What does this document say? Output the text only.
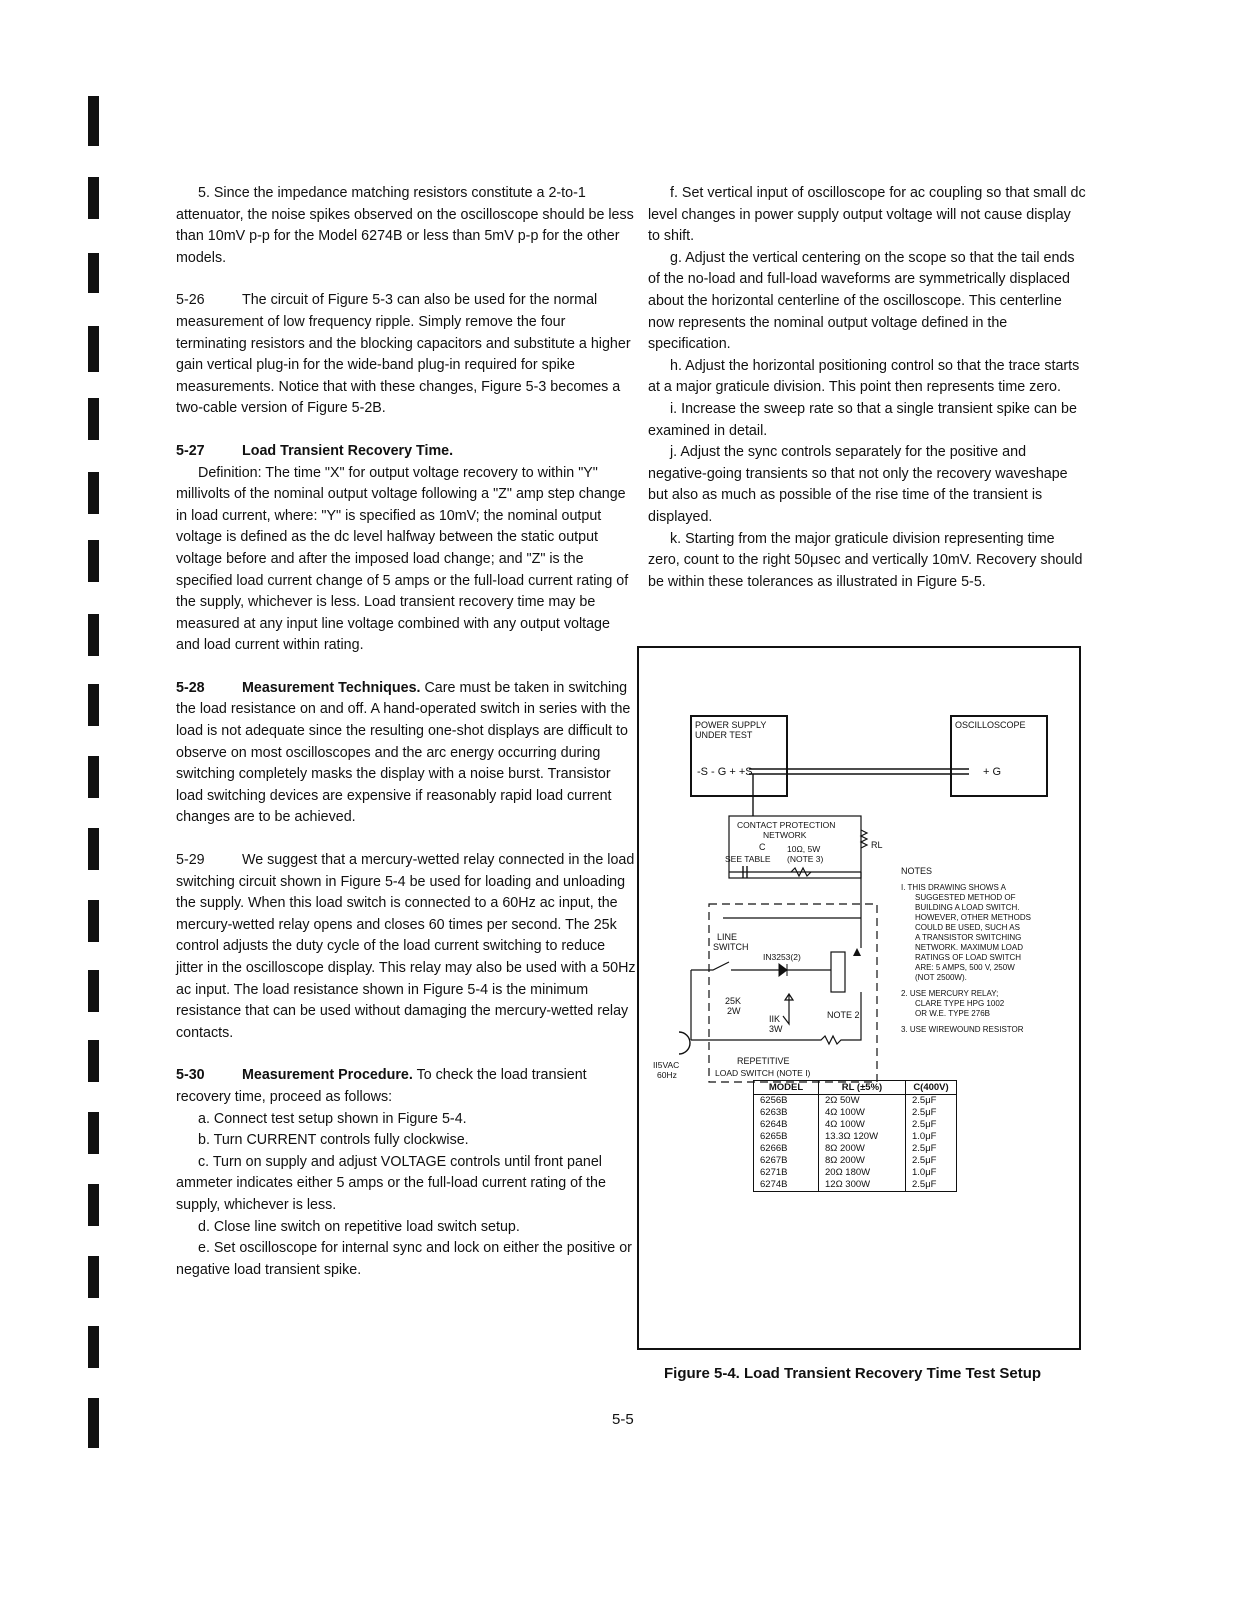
5. Since the impedance matching resistors constitute a 2-to-1 attenuator, the noise spikes observed on the oscilloscope should be less than 10mV p-p for the Model 6274B or less than 5mV p-p for the other models.

5-26	The circuit of Figure 5-3 can also be used for the normal measurement of low frequency ripple. Simply remove the four terminating resistors and the blocking capacitors and substitute a higher gain vertical plug-in for the wide-band plug-in required for spike measurements. Notice that with these changes, Figure 5-3 becomes a two-cable version of Figure 5-2B.

5-27	Load Transient Recovery Time.

Definition: The time "X" for output voltage recovery to within "Y" millivolts of the nominal output voltage following a "Z" amp step change in load current, where: "Y" is specified as 10mV; the nominal output voltage is defined as the dc level halfway between the static output voltage before and after the imposed load change; and "Z" is the specified load current change of 5 amps or the full-load current rating of the supply, whichever is less. Load transient recovery time may be measured at any input line voltage combined with any output voltage and load current within rating.

5-28	Measurement Techniques. Care must be taken in switching the load resistance on and off. A hand-operated switch in series with the load is not adequate since the resulting one-shot displays are difficult to observe on most oscilloscopes and the arc energy occurring during switching completely masks the display with a noise burst. Transistor load switching devices are expensive if reasonably rapid load current changes are to be achieved.

5-29	We suggest that a mercury-wetted relay connected in the load switching circuit shown in Figure 5-4 be used for loading and unloading the supply. When this load switch is connected to a 60Hz ac input, the mercury-wetted relay opens and closes 60 times per second. The 25k control adjusts the duty cycle of the load current switching to reduce jitter in the oscilloscope display. This relay may also be used with a 50Hz ac input. The load resistance shown in Figure 5-4 is the minimum resistance that can be used without damaging the mercury-wetted relay contacts.

5-30	Measurement Procedure. To check the load transient recovery time, proceed as follows:

a. Connect test setup shown in Figure 5-4.

b. Turn CURRENT controls fully clockwise.

c. Turn on supply and adjust VOLTAGE controls until front panel ammeter indicates either 5 amps or the full-load current rating of the supply, whichever is less.

d. Close line switch on repetitive load switch setup.

e. Set oscilloscope for internal sync and lock on either the positive or negative load transient spike.

f. Set vertical input of oscilloscope for ac coupling so that small dc level changes in power supply output voltage will not cause display to shift.

g. Adjust the vertical centering on the scope so that the tail ends of the no-load and full-load waveforms are symmetrically displaced about the horizontal centerline of the oscilloscope. This centerline now represents the nominal output voltage defined in the specification.

h. Adjust the horizontal positioning control so that the trace starts at a major graticule division. This point then represents time zero.

i. Increase the sweep rate so that a single transient spike can be examined in detail.

j. Adjust the sync controls separately for the positive and negative-going transients so that not only the recovery waveshape but also as much as possible of the rise time of the transient is displayed.

k. Starting from the major graticule division representing time zero, count to the right 50μsec and vertically 10mV. Recovery should be within these tolerances as illustrated in Figure 5-5.

POWER SUPPLY
UNDER TEST
-S - G + +S
OSCILLOSCOPE
+ G
CONTACT PROTECTION
NETWORK
C
SEE TABLE
10Ω, 5W
(NOTE 3)
RL
LINE
SWITCH
IN3253(2)
25K
2W
IIK
3W
NOTE 2
II5VAC
60Hz
REPETITIVE
LOAD SWITCH (NOTE I)
NOTES
I. THIS DRAWING SHOWS A SUGGESTED METHOD OF BUILDING A LOAD SWITCH. HOWEVER, OTHER METHODS COULD BE USED, SUCH AS A TRANSISTOR SWITCHING NETWORK. MAXIMUM LOAD RATINGS OF LOAD SWITCH ARE: 5 AMPS, 500 V, 250W (NOT 2500W).
2. USE MERCURY RELAY; CLARE TYPE HPG 1002 OR W.E. TYPE 276B
3. USE WIREWOUND RESISTOR
MODEL	RL (±5%)	C(400V)
6256B	2Ω 50W	2.5μF
6263B	4Ω 100W	2.5μF
6264B	4Ω 100W	2.5μF
6265B	13.3Ω 120W	1.0μF
6266B	8Ω 200W	2.5μF
6267B	8Ω 200W	2.5μF
6271B	20Ω 180W	1.0μF
6274B	12Ω 300W	2.5μF
Figure 5-4. Load Transient Recovery Time Test Setup
5-5
